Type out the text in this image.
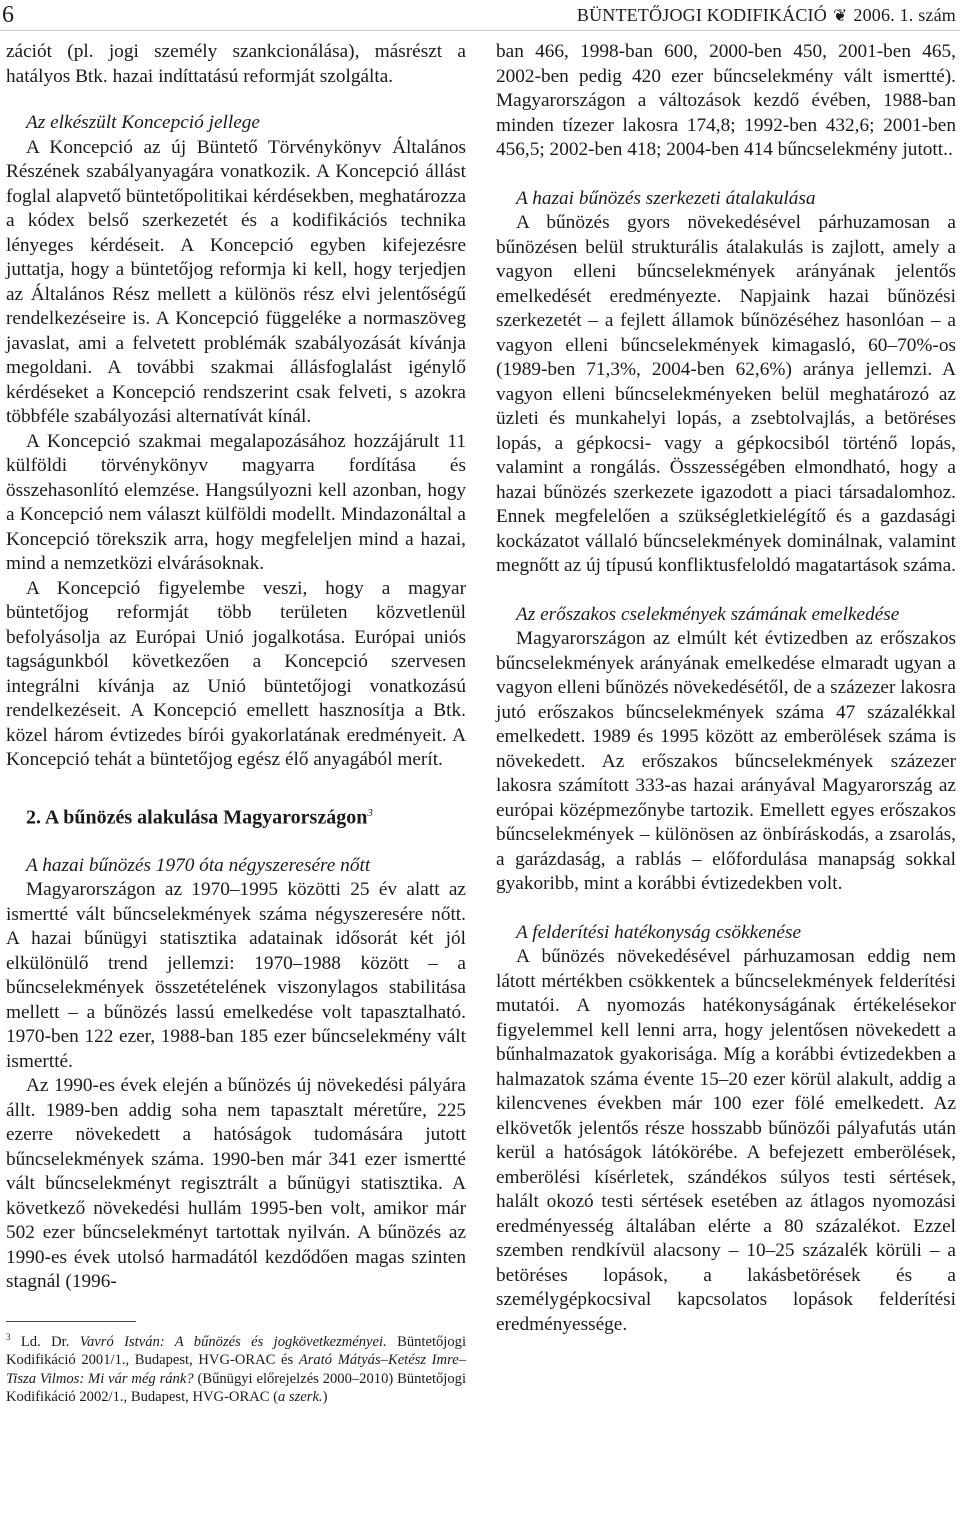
6	BÜNTETŐJOGI KODIFIKÁCIÓ ❦ 2006. 1. szám

zációt (pl. jogi személy szankcionálása), másrészt a hatályos Btk. hazai indíttatású reformját szolgálta.

Az elkészült Koncepció jellege

A Koncepció az új Büntető Törvénykönyv Általános Részének szabályanyagára vonatkozik. A Koncepció állást foglal alapvető büntetőpolitikai kérdésekben, meghatározza a kódex belső szerkezetét és a kodifikációs technika lényeges kérdéseit. A Koncepció egyben kifejezésre juttatja, hogy a büntetőjog reformja ki kell, hogy terjedjen az Általános Rész mellett a különös rész elvi jelentőségű rendelkezéseire is. A Koncepció függeléke a normaszöveg javaslat, ami a felvetett problémák szabályozását kívánja megoldani. A további szakmai állásfoglalást igénylő kérdéseket a Koncepció rendszerint csak felveti, s azokra többféle szabályozási alternatívát kínál.

A Koncepció szakmai megalapozásához hozzájárult 11 külföldi törvénykönyv magyarra fordítása és összehasonlító elemzése. Hangsúlyozni kell azonban, hogy a Koncepció nem választ külföldi modellt. Mindazonáltal a Koncepció törekszik arra, hogy megfeleljen mind a hazai, mind a nemzetközi elvárásoknak.

A Koncepció figyelembe veszi, hogy a magyar büntetőjog reformját több területen közvetlenül befolyásolja az Európai Unió jogalkotása. Európai uniós tagságunkból következően a Koncepció szervesen integrálni kívánja az Unió büntetőjogi vonatkozású rendelkezéseit. A Koncepció emellett hasznosítja a Btk. közel három évtizedes bírói gyakorlatának eredményeit. A Koncepció tehát a büntetőjog egész élő anyagából merít.

2. A bűnözés alakulása Magyarországon$^3$

A hazai bűnözés 1970 óta négyszeresére nőtt

Magyarországon az 1970–1995 közötti 25 év alatt az ismertté vált bűncselekmények száma négyszeresére nőtt. A hazai bűnügyi statisztika adatainak idősorát két jól elkülönülő trend jellemzi: 1970–1988 között – a bűncselekmények összetételének viszonylagos stabilitása mellett – a bűnözés lassú emelkedése volt tapasztalható. 1970-ben 122 ezer, 1988-ban 185 ezer bűncselekmény vált ismertté.

Az 1990-es évek elején a bűnözés új növekedési pályára állt. 1989-ben addig soha nem tapasztalt méretűre, 225 ezerre növekedett a hatóságok tudomására jutott bűncselekmények száma. 1990-ben már 341 ezer ismertté vált bűncselekményt regisztrált a bűnügyi statisztika. A következő növekedési hullám 1995-ben volt, amikor már 502 ezer bűncselekményt tartottak nyilván. A bűnözés az 1990-es évek utolsó harmadától kezdődően magas szinten stagnál (1996-

$^3$ Ld. Dr. Vavró István: A bűnözés és jogkövetkezményei. Büntetőjogi Kodifikáció 2001/1., Budapest, HVG-ORAC és Arató Mátyás–Ketész Imre–Tisza Vilmos: Mi vár még ránk? (Bűnügyi előrejelzés 2000–2010) Büntetőjogi Kodifikáció 2002/1., Budapest, HVG-ORAC (a szerk.)

ban 466, 1998-ban 600, 2000-ben 450, 2001-ben 465, 2002-ben pedig 420 ezer bűncselekmény vált ismertté). Magyarországon a változások kezdő évében, 1988-ban minden tízezer lakosra 174,8; 1992-ben 432,6; 2001-ben 456,5; 2002-ben 418; 2004-ben 414 bűncselekmény jutott..

A hazai bűnözés szerkezeti átalakulása

A bűnözés gyors növekedésével párhuzamosan a bűnözésen belül strukturális átalakulás is zajlott, amely a vagyon elleni bűncselekmények arányának jelentős emelkedését eredményezte. Napjaink hazai bűnözési szerkezetét – a fejlett államok bűnözéséhez hasonlóan – a vagyon elleni bűncselekmények kimagasló, 60–70%-os (1989-ben 71,3%, 2004-ben 62,6%) aránya jellemzi. A vagyon elleni bűncselekményeken belül meghatározó az üzleti és munkahelyi lopás, a zsebtolvajlás, a betöréses lopás, a gépkocsi- vagy a gépkocsiból történő lopás, valamint a rongálás. Összességében elmondható, hogy a hazai bűnözés szerkezete igazodott a piaci társadalomhoz. Ennek megfelelően a szükségletkielégítő és a gazdasági kockázatot vállaló bűncselekmények dominálnak, valamint megnőtt az új típusú konfliktusfeloldó magatartások száma.

Az erőszakos cselekmények számának emelkedése

Magyarországon az elmúlt két évtizedben az erőszakos bűncselekmények arányának emelkedése elmaradt ugyan a vagyon elleni bűnözés növekedésétől, de a százezer lakosra jutó erőszakos bűncselekmények száma 47 százalékkal emelkedett. 1989 és 1995 között az emberölések száma is növekedett. Az erőszakos bűncselekmények százezer lakosra számított 333-as hazai arányával Magyarország az európai középmezőnybe tartozik. Emellett egyes erőszakos bűncselekmények – különösen az önbíráskodás, a zsarolás, a garázdaság, a rablás – előfordulása manapság sokkal gyakoribb, mint a korábbi évtizedekben volt.

A felderítési hatékonyság csökkenése

A bűnözés növekedésével párhuzamosan eddig nem látott mértékben csökkentek a bűncselekmények felderítési mutatói. A nyomozás hatékonyságának értékelésekor figyelemmel kell lenni arra, hogy jelentősen növekedett a bűnhalmazatok gyakorisága. Míg a korábbi évtizedekben a halmazatok száma évente 15–20 ezer körül alakult, addig a kilencvenes években már 100 ezer fölé emelkedett. Az elkövetők jelentős része hosszabb bűnözői pályafutás után kerül a hatóságok látókörébe. A befejezett emberölések, emberölési kísérletek, szándékos súlyos testi sértések, halált okozó testi sértések esetében az átlagos nyomozási eredményesség általában elérte a 80 százalékot. Ezzel szemben rendkívül alacsony – 10–25 százalék körüli – a betöréses lopások, a lakásbetörések és a személygépkocsival kapcsolatos lopások felderítési eredményessége.
